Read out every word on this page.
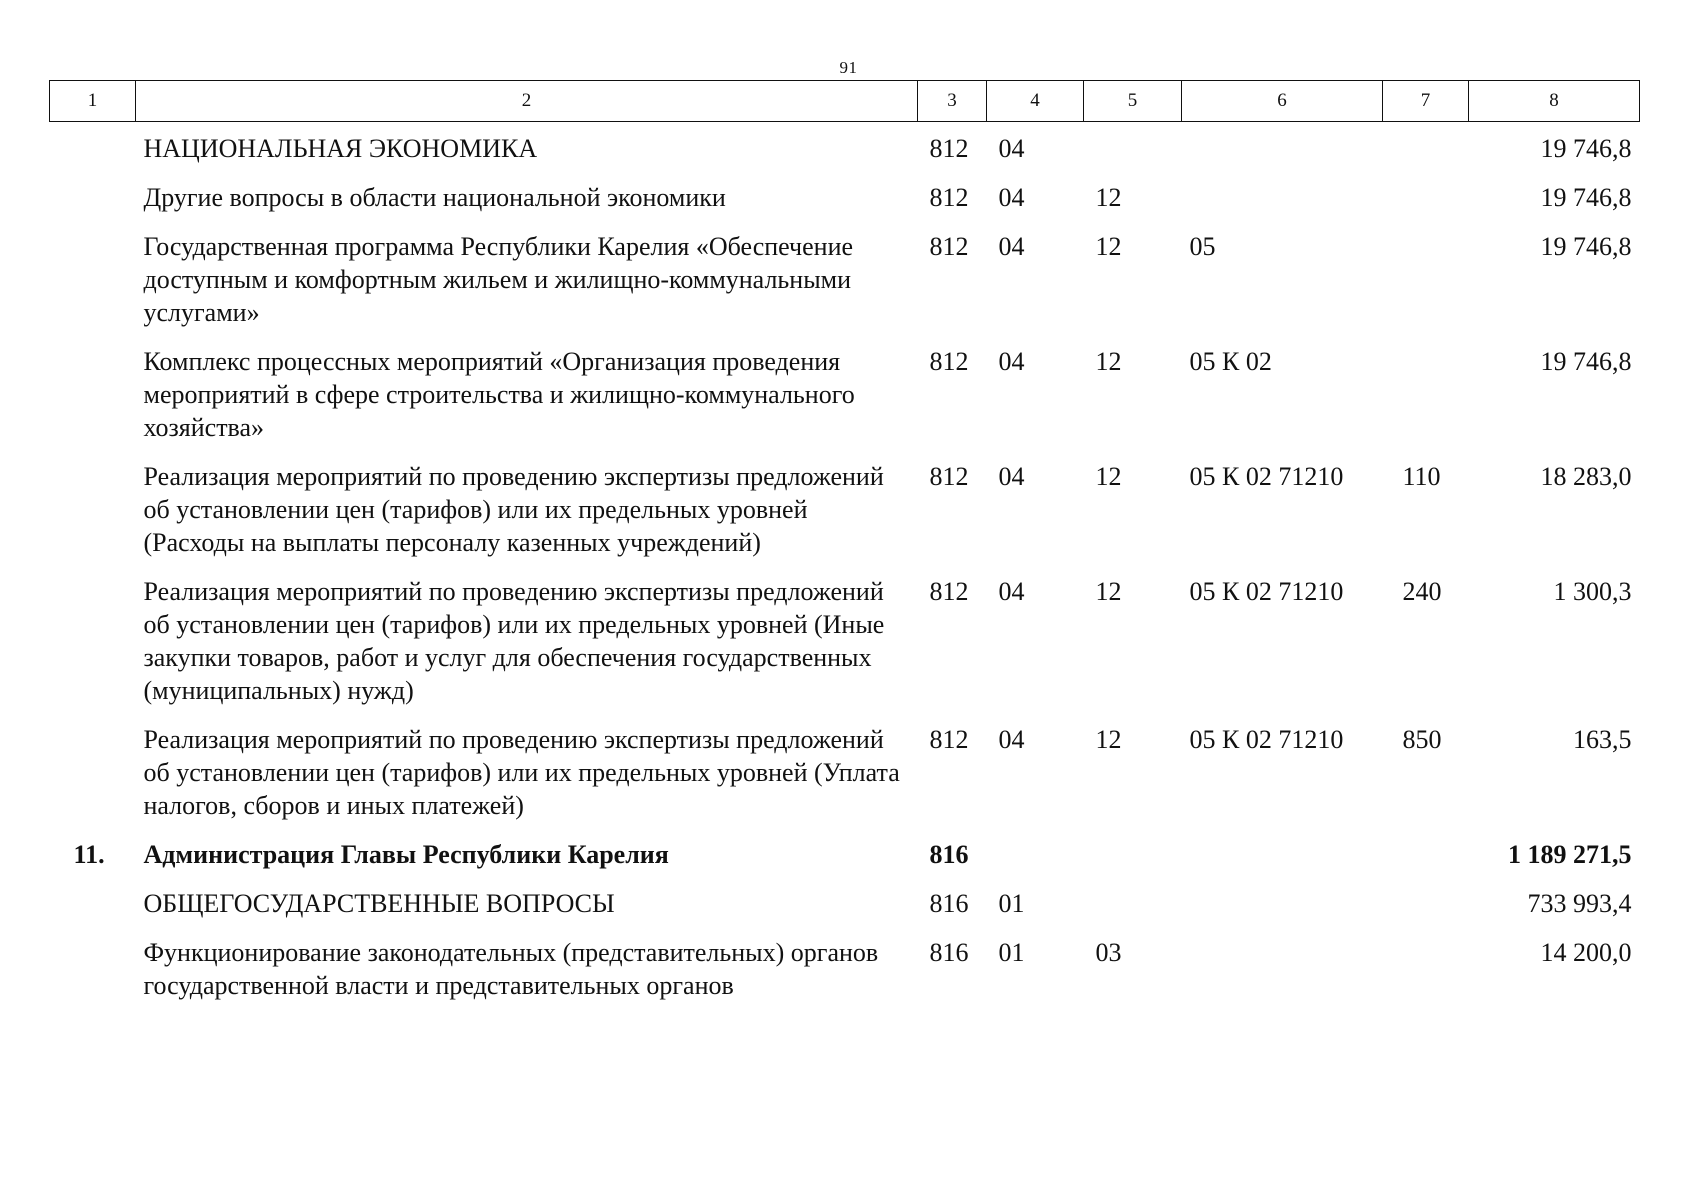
91
1	2	3	4	5	6	7	8
	НАЦИОНАЛЬНАЯ ЭКОНОМИКА	812	04				19 746,8
	Другие вопросы в области национальной экономики	812	04	12			19 746,8
	Государственная программа Республики Карелия «Обеспечение доступным и комфортным жильем и жилищно-коммунальными услугами»	812	04	12	05		19 746,8
	Комплекс процессных мероприятий «Организация проведения мероприятий в сфере строительства и жилищно-коммунального хозяйства»	812	04	12	05 К 02		19 746,8
	Реализация мероприятий по проведению экспертизы предложений об установлении цен (тарифов) или их предельных уровней (Расходы на выплаты персоналу казенных учреждений)	812	04	12	05 К 02 71210	110	18 283,0
	Реализация мероприятий по проведению экспертизы предложений об установлении цен (тарифов) или их предельных уровней (Иные закупки товаров, работ и услуг для обеспечения государственных (муниципальных) нужд)	812	04	12	05 К 02 71210	240	1 300,3
	Реализация мероприятий по проведению экспертизы предложений об установлении цен (тарифов) или их предельных уровней (Уплата налогов, сборов и иных платежей)	812	04	12	05 К 02 71210	850	163,5
11.	Администрация Главы Республики Карелия	816					1 189 271,5
	ОБЩЕГОСУДАРСТВЕННЫЕ ВОПРОСЫ	816	01				733 993,4
	Функционирование законодательных (представительных) органов государственной власти и представительных органов	816	01	03			14 200,0
